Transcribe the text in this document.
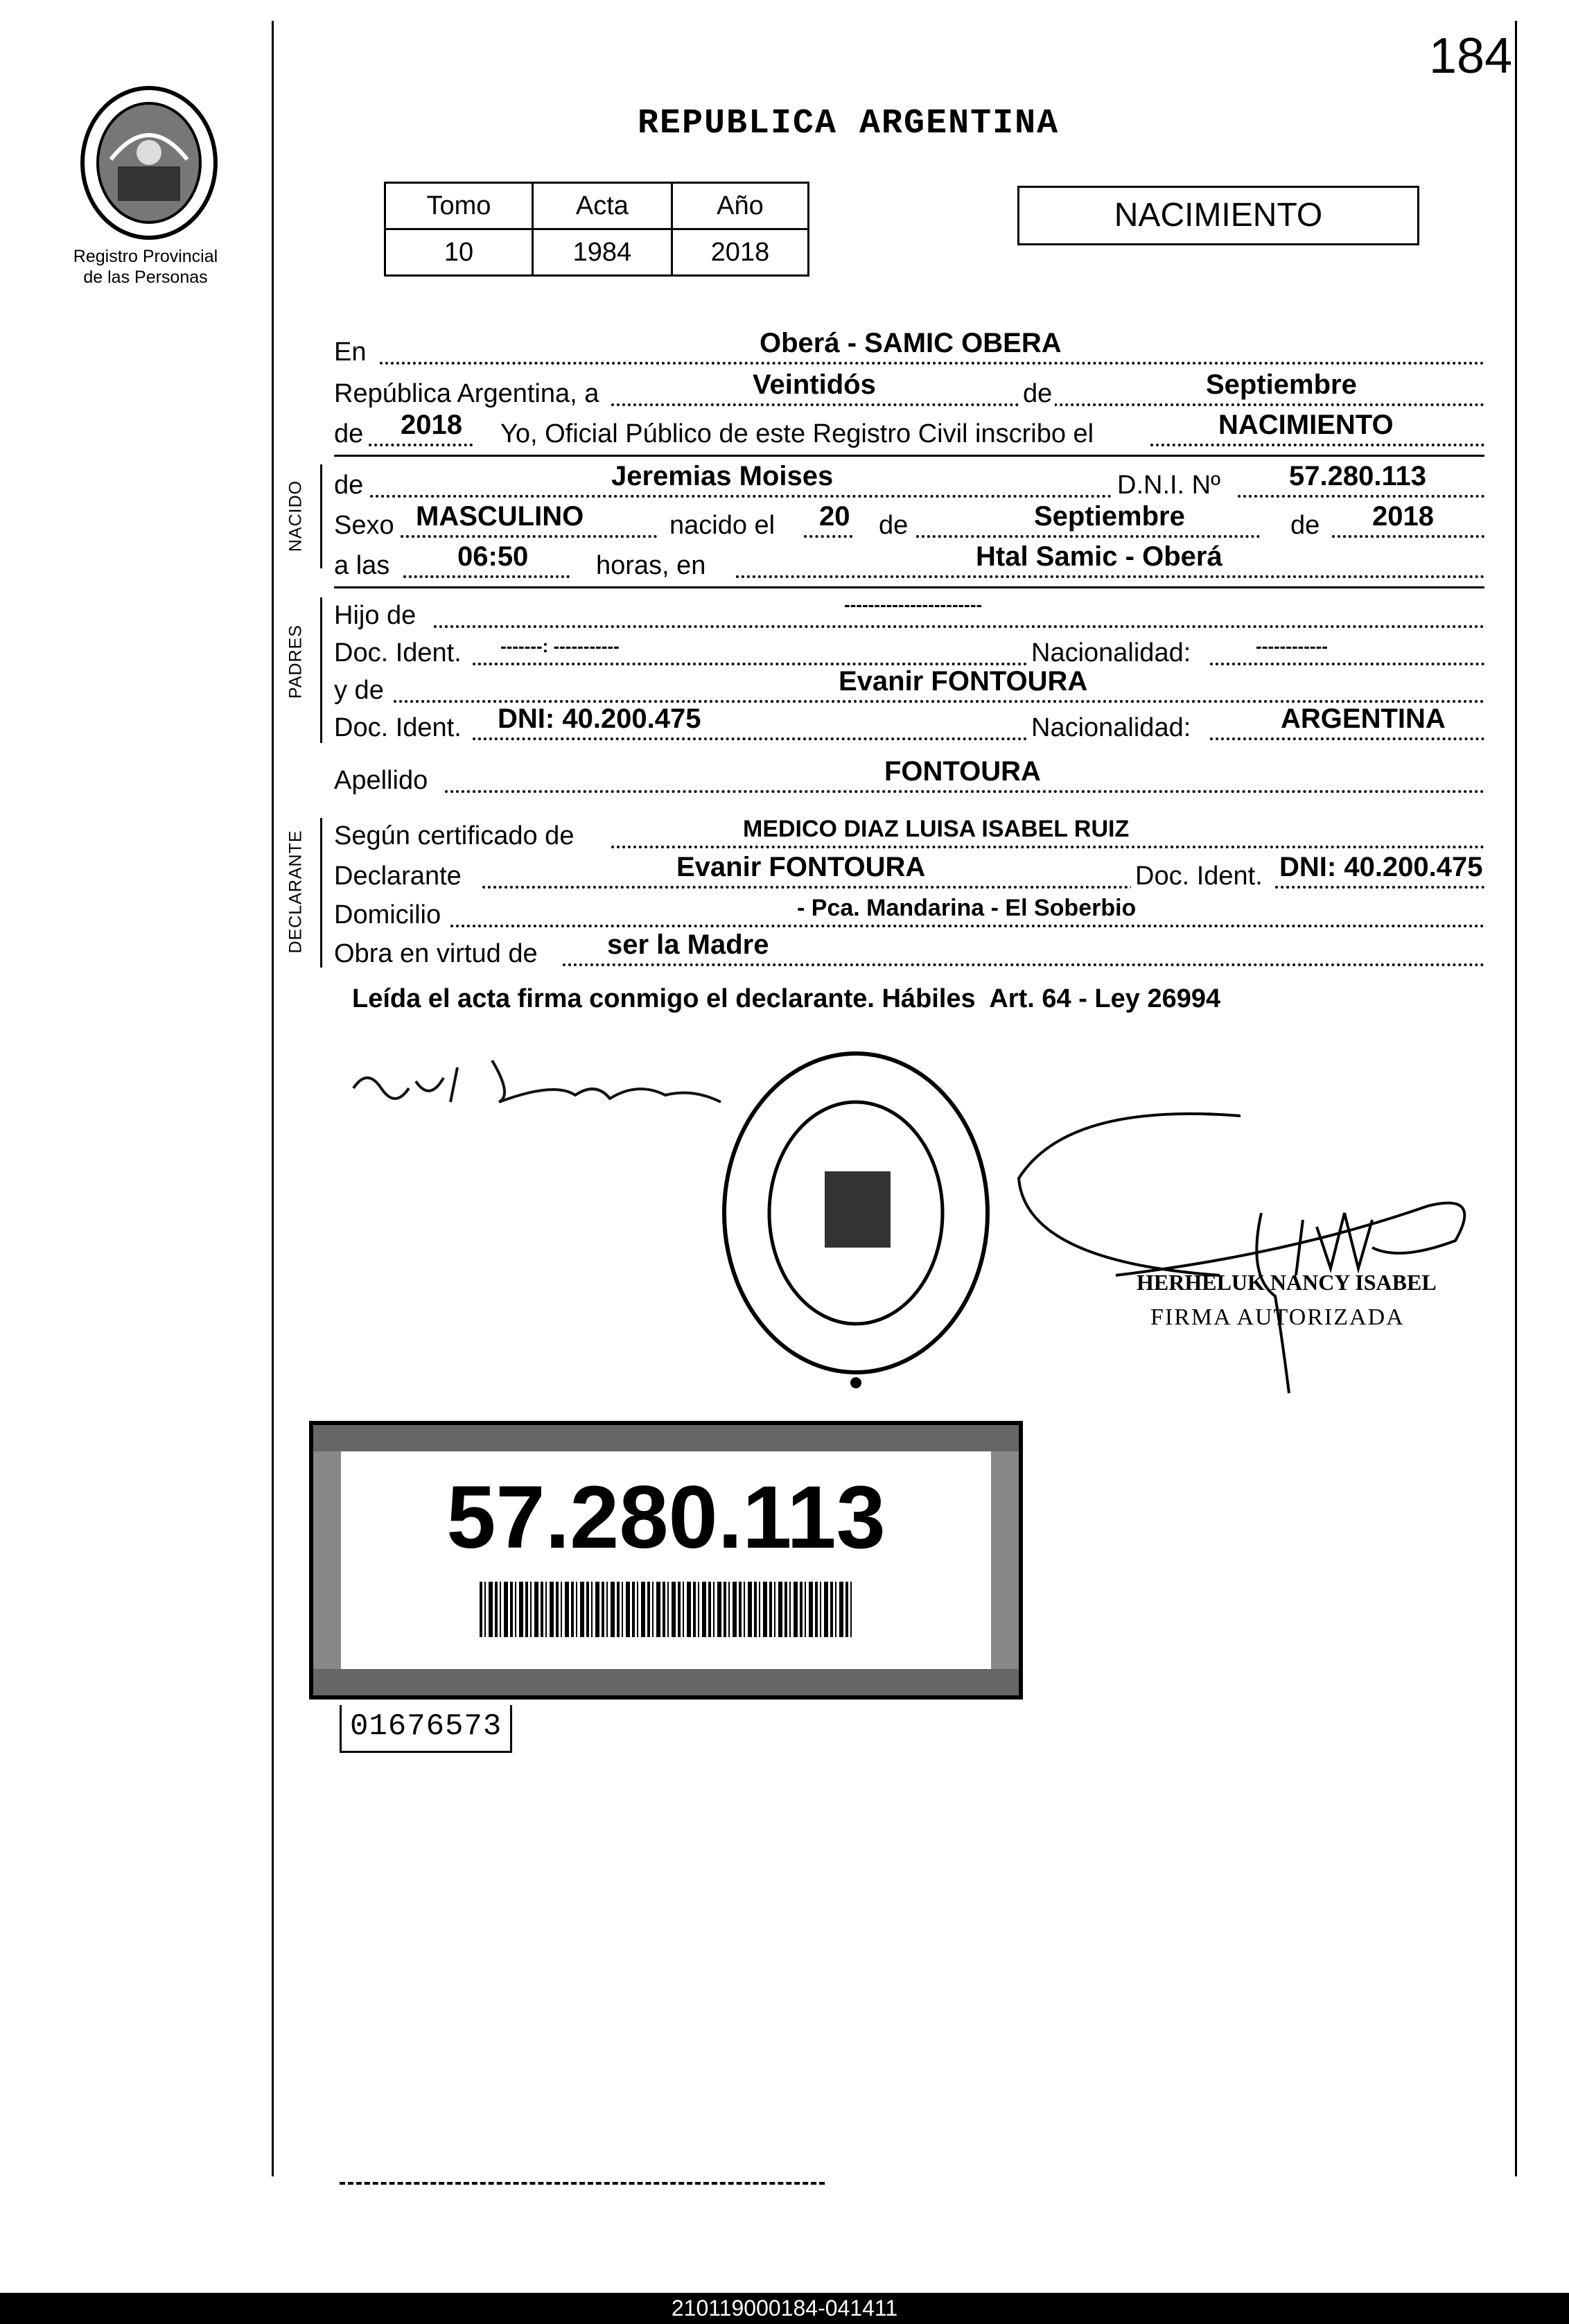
184
Registro Provincial
de las Personas
REPUBLICA ARGENTINA
Tomo	Acta	Año
10	1984	2018
NACIMIENTO
En	Oberá - SAMIC OBERA
República Argentina, a	Veintidós	de	Septiembre
de 2018 Yo, Oficial Público de este Registro Civil inscribo el	NACIMIENTO
NACIDO de	Jeremias Moises	D.N.I. Nº 57.280.113
Sexo MASCULINO	nacido el 20 de	Septiembre	de 2018
a las 06:50	horas, en	Htal Samic - Oberá
PADRES
Hijo de	-----------------------
Doc. Ident. -------: -----------	Nacionalidad:	------------
y de	Evanir FONTOURA
Doc. Ident. DNI: 40.200.475	Nacionalidad:	ARGENTINA
Apellido	FONTOURA
DECLARANTE Según certificado de	MEDICO DIAZ LUISA ISABEL RUIZ
Declarante	Evanir FONTOURA	Doc. Ident. DNI: 40.200.475
Domicilio	- Pca. Mandarina - El Soberbio
Obra en virtud de	ser la Madre
Leída el acta firma conmigo el declarante. Hábiles  Art. 64 - Ley 26994
HERHELUK NANCY ISABEL
FIRMA AUTORIZADA
57.280.113
01676573
210119000184-041411
